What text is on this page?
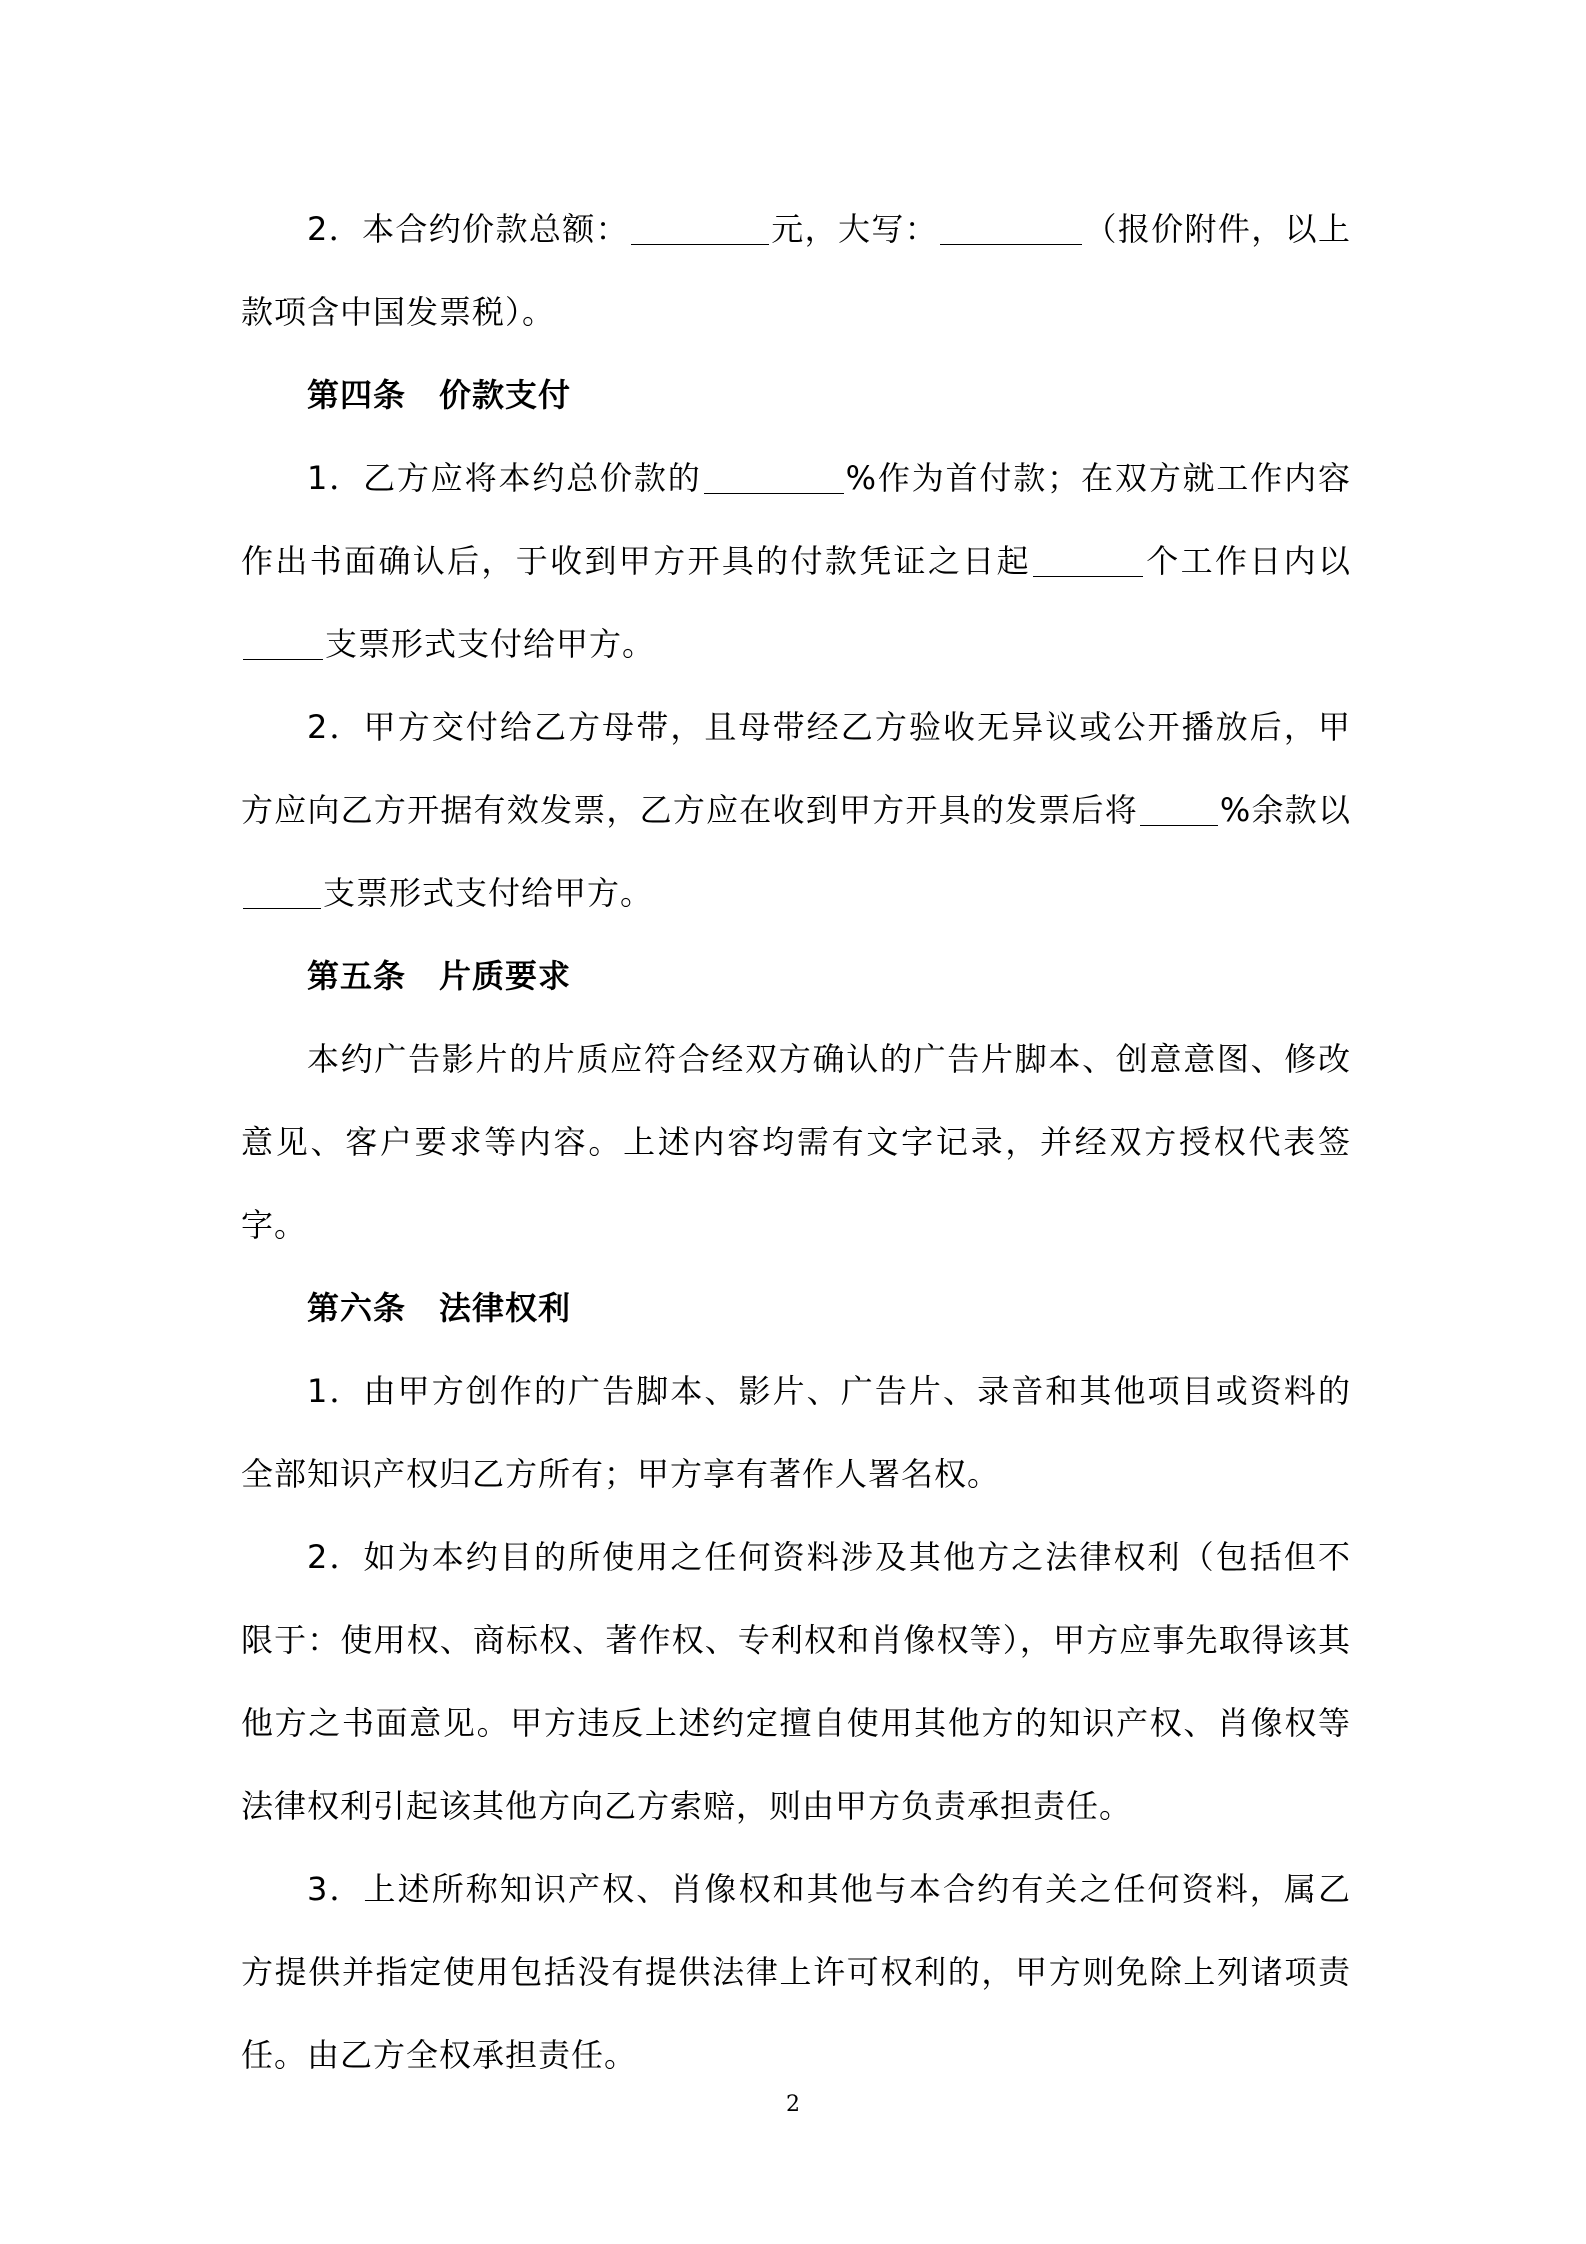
2．本合约价款总额：	元，大写：	（报价附件，以上款项含中国发票税）。

第四条　价款支付

1．乙方应将本约总价款的	%作为首付款；在双方就工作内容作出书面确认后，于收到甲方开具的付款凭证之日起	个工作日内以支票形式支付给甲方。

2．甲方交付给乙方母带，且母带经乙方验收无异议或公开播放后，甲方应向乙方开据有效发票，乙方应在收到甲方开具的发票后将	%余款以支票形式支付给甲方。

第五条　片质要求

本约广告影片的片质应符合经双方确认的广告片脚本、创意意图、修改意见、客户要求等内容。上述内容均需有文字记录，并经双方授权代表签字。

第六条　法律权利

1．由甲方创作的广告脚本、影片、广告片、录音和其他项目或资料的全部知识产权归乙方所有；甲方享有著作人署名权。

2．如为本约目的所使用之任何资料涉及其他方之法律权利（包括但不限于：使用权、商标权、著作权、专利权和肖像权等），甲方应事先取得该其他方之书面意见。甲方违反上述约定擅自使用其他方的知识产权、肖像权等法律权利引起该其他方向乙方索赔，则由甲方负责承担责任。

3．上述所称知识产权、肖像权和其他与本合约有关之任何资料，属乙方提供并指定使用包括没有提供法律上许可权利的，甲方则免除上列诸项责任。由乙方全权承担责任。

2
